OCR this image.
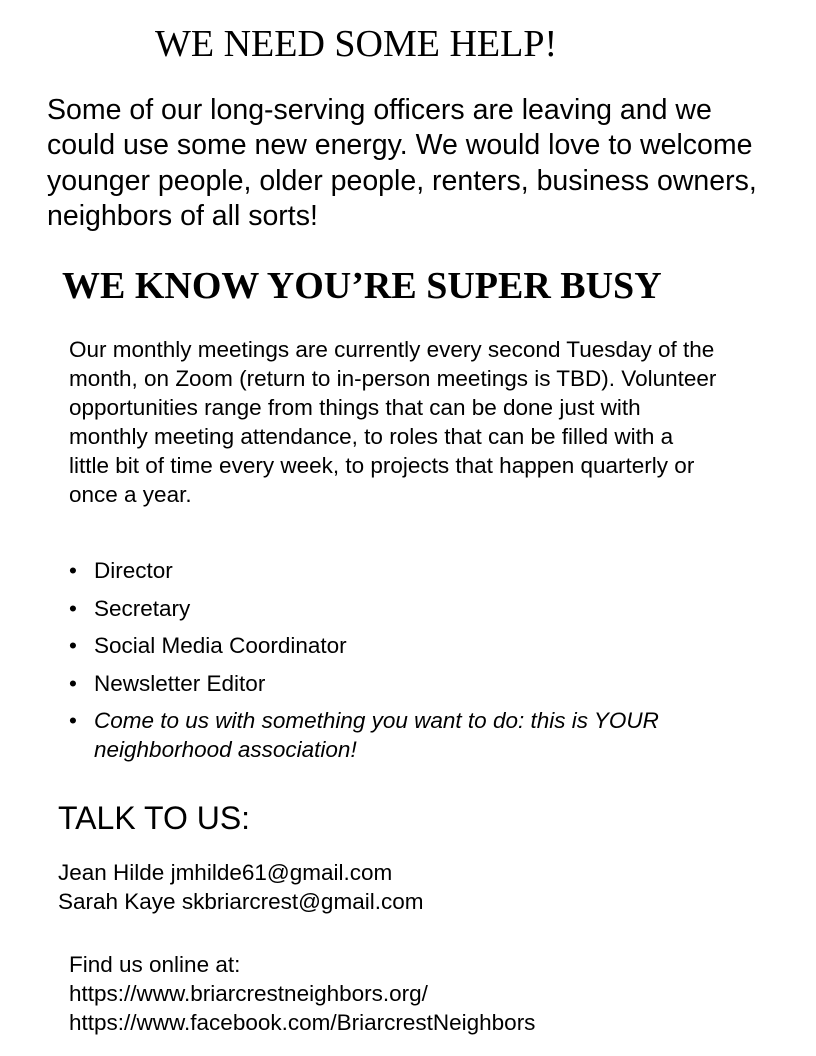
WE NEED SOME HELP!

Some of our long-serving officers are leaving and we could use some new energy. We would love to welcome younger people, older people, renters, business owners, neighbors of all sorts!

WE KNOW YOU’RE SUPER BUSY

Our monthly meetings are currently every second Tuesday of the month, on Zoom (return to in-person meetings is TBD). Volunteer opportunities range from things that can be done just with monthly meeting attendance, to roles that can be filled with a little bit of time every week, to projects that happen quarterly or once a year.

• Director
• Secretary
• Social Media Coordinator
• Newsletter Editor
• Come to us with something you want to do: this is YOUR neighborhood association!
TALK TO US:
Jean Hilde jmhilde61@gmail.com
Sarah Kaye skbriarcrest@gmail.com
Find us online at:
https://www.briarcrestneighbors.org/
https://www.facebook.com/BriarcrestNeighbors
